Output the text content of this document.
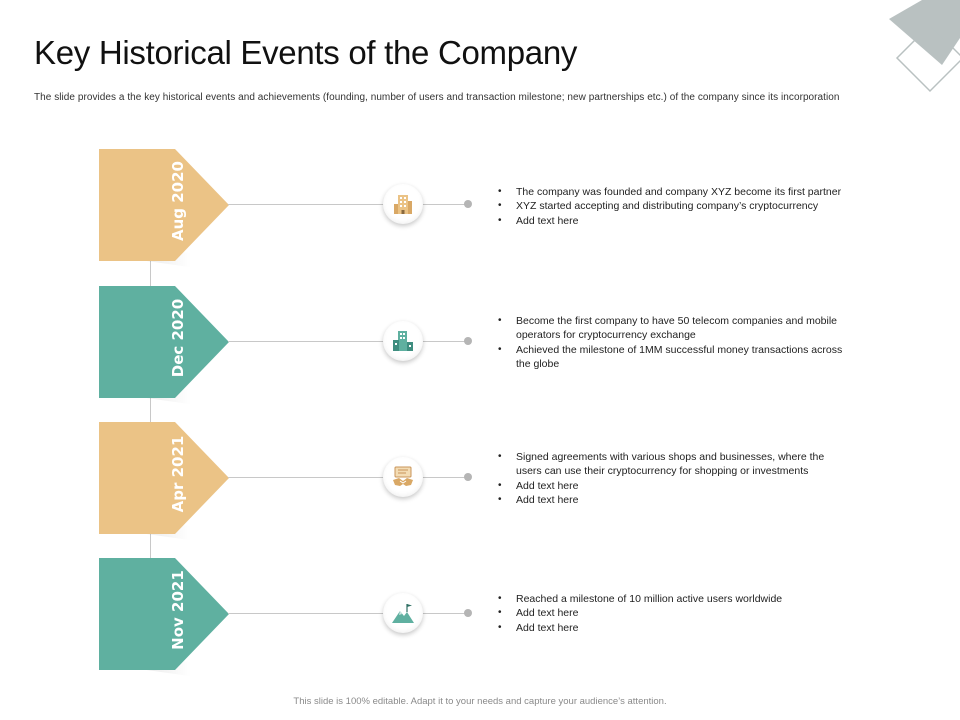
Key Historical Events of the Company

The slide provides a the key historical events and achievements (founding, number of users and transaction milestone; new partnerships etc.) of the company since its incorporation

Aug 2020	• The company was founded and company XYZ become its first partner
• XYZ started accepting and distributing company’s cryptocurrency
• Add text here
Dec 2020	• Become the first company to have 50 telecom companies and mobile operators for cryptocurrency exchange
• Achieved the milestone of 1MM successful money transactions across the globe
Apr 2021	• Signed agreements with various shops and businesses, where the users can use their cryptocurrency for shopping or investments
• Add text here
• Add text here
Nov 2021	• Reached a milestone of 10 million active users worldwide
• Add text here
• Add text here

This slide is 100% editable. Adapt it to your needs and capture your audience’s attention.
